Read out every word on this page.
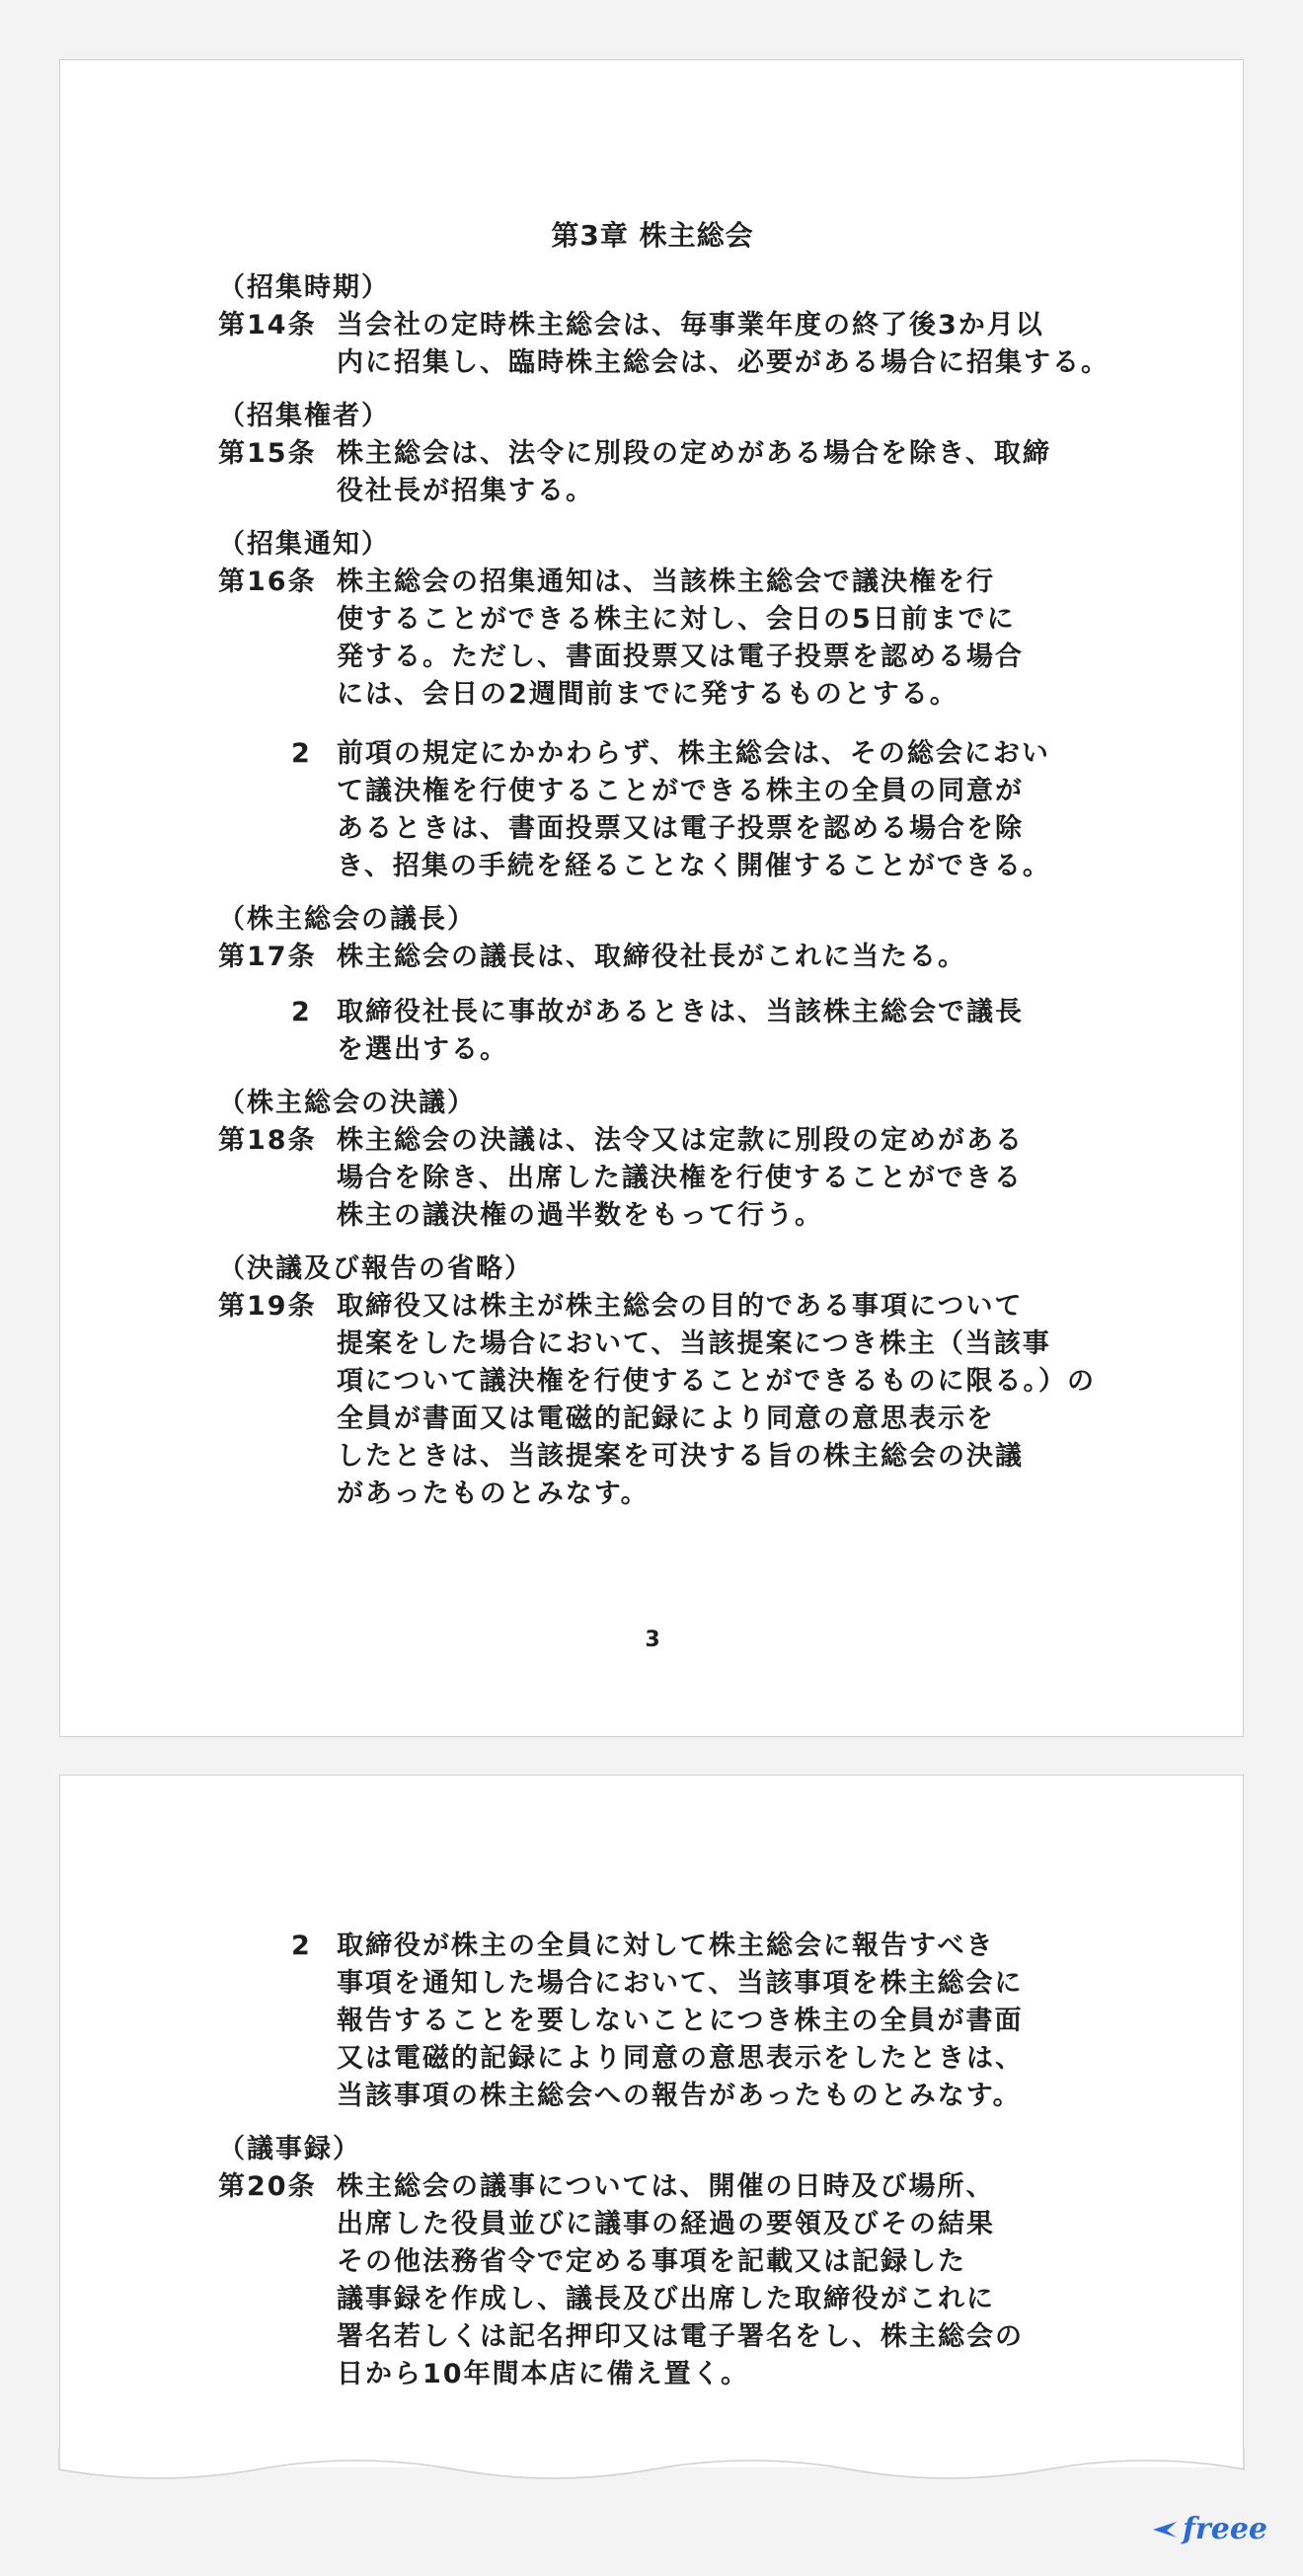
第3章 株主総会
（招集時期）
第14条 当会社の定時株主総会は、毎事業年度の終了後3か月以
内に招集し、臨時株主総会は、必要がある場合に招集する。
（招集権者）
第15条 株主総会は、法令に別段の定めがある場合を除き、取締
役社長が招集する。
（招集通知）
第16条 株主総会の招集通知は、当該株主総会で議決権を行
使することができる株主に対し、会日の5日前までに
発する。ただし、書面投票又は電子投票を認める場合
には、会日の2週間前までに発するものとする。
2 前項の規定にかかわらず、株主総会は、その総会におい
て議決権を行使することができる株主の全員の同意が
あるときは、書面投票又は電子投票を認める場合を除
き、招集の手続を経ることなく開催することができる。
（株主総会の議長）
第17条 株主総会の議長は、取締役社長がこれに当たる。
2 取締役社長に事故があるときは、当該株主総会で議長
を選出する。
（株主総会の決議）
第18条 株主総会の決議は、法令又は定款に別段の定めがある
場合を除き、出席した議決権を行使することができる
株主の議決権の過半数をもって行う。
（決議及び報告の省略）
第19条 取締役又は株主が株主総会の目的である事項について
提案をした場合において、当該提案につき株主（当該事
項について議決権を行使することができるものに限る。）の
全員が書面又は電磁的記録により同意の意思表示を
したときは、当該提案を可決する旨の株主総会の決議
があったものとみなす。
3
2 取締役が株主の全員に対して株主総会に報告すべき
事項を通知した場合において、当該事項を株主総会に
報告することを要しないことにつき株主の全員が書面
又は電磁的記録により同意の意思表示をしたときは、
当該事項の株主総会への報告があったものとみなす。
（議事録）
第20条 株主総会の議事については、開催の日時及び場所、
出席した役員並びに議事の経過の要領及びその結果
その他法務省令で定める事項を記載又は記録した
議事録を作成し、議長及び出席した取締役がこれに
署名若しくは記名押印又は電子署名をし、株主総会の
日から10年間本店に備え置く。
freee
